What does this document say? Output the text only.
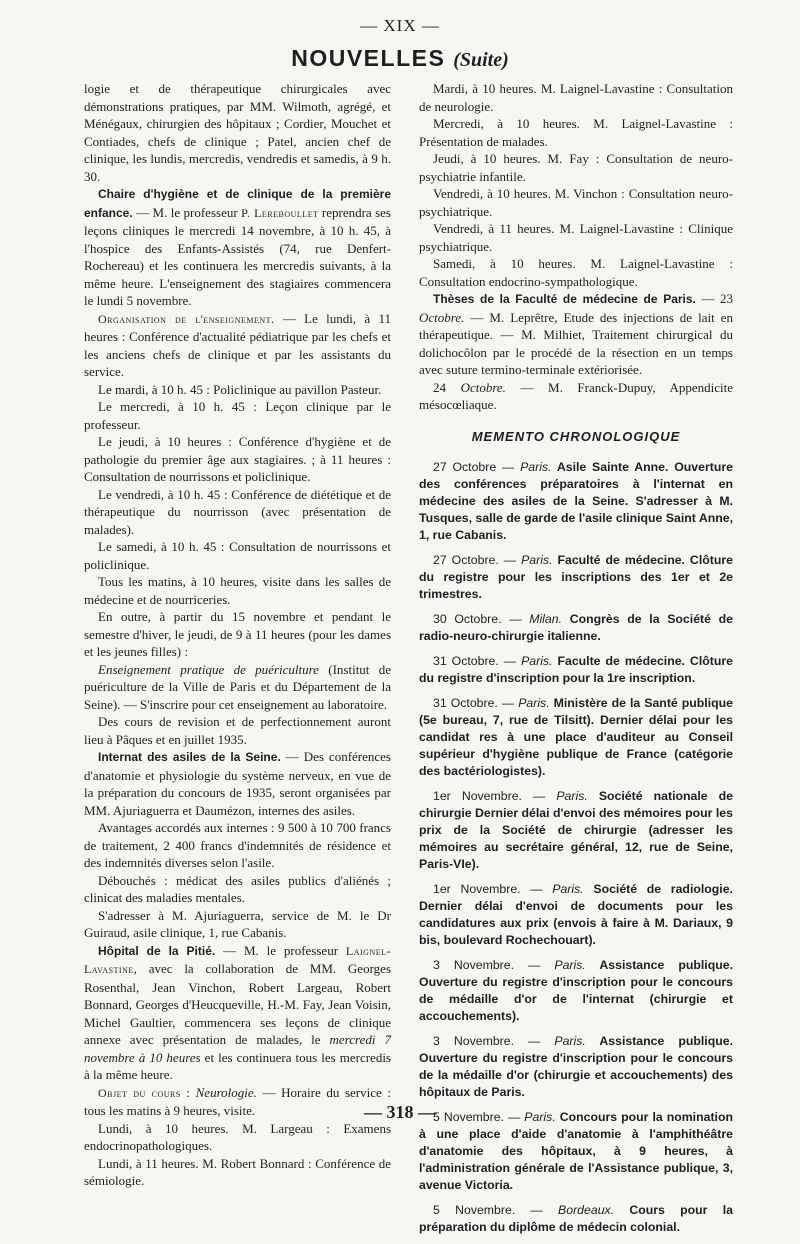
— XIX —
NOUVELLES (Suite)

logie et de thérapeutique chirurgicales avec démonstrations pratiques, par MM. Wilmoth, agrégé, et Ménégaux, chirurgien des hôpitaux ; Cordier, Mouchet et Contiades, chefs de clinique ; Patel, ancien chef de clinique, les lundis, mercredis, vendredis et samedis, à 9 h. 30.

Chaire d'hygiène et de clinique de la première enfance. — M. le professeur P. Lereboullet reprendra ses leçons cliniques le mercredi 14 novembre, à 10 h. 45, à l'hospice des Enfants-Assistés (74, rue Denfert-Rochereau) et les continuera les mercredis suivants, à la même heure. L'enseignement des stagiaires commencera le lundi 5 novembre.

Organisation de l'enseignement. — Le lundi, à 11 heures : Conférence d'actualité pédiatrique par les chefs et les anciens chefs de clinique et par les assistants du service.

Le mardi, à 10 h. 45 : Policlinique au pavillon Pasteur.

Le mercredi, à 10 h. 45 : Leçon clinique par le professeur.

Le jeudi, à 10 heures : Conférence d'hygiène et de pathologie du premier âge aux stagiaires. ; à 11 heures : Consultation de nourrissons et policlinique.

Le vendredi, à 10 h. 45 : Conférence de diététique et de thérapeutique du nourrisson (avec présentation de malades).

Le samedi, à 10 h. 45 : Consultation de nourrissons et policlinique.

Tous les matins, à 10 heures, visite dans les salles de médecine et de nourriceries.

En outre, à partir du 15 novembre et pendant le semestre d'hiver, le jeudi, de 9 à 11 heures (pour les dames et les jeunes filles) :

Enseignement pratique de puériculture (Institut de puériculture de la Ville de Paris et du Département de la Seine). — S'inscrire pour cet enseignement au laboratoire.

Des cours de revision et de perfectionnement auront lieu à Pâques et en juillet 1935.

Internat des asiles de la Seine. — Des conférences d'anatomie et physiologie du système nerveux, en vue de la préparation du concours de 1935, seront organisées par MM. Ajuriaguerra et Daumézon, internes des asiles.

Avantages accordés aux internes : 9 500 à 10 700 francs de traitement, 2 400 francs d'indemnités de résidence et des indemnités diverses selon l'asile.

Débouchés : médicat des asiles publics d'aliénés ; clinicat des maladies mentales.

S'adresser à M. Ajuriaguerra, service de M. le Dr Guiraud, asile clinique, 1, rue Cabanis.

Hôpital de la Pitié. — M. le professeur Laignel-Lavastine, avec la collaboration de MM. Georges Rosenthal, Jean Vinchon, Robert Largeau, Robert Bonnard, Georges d'Heucqueville, H.-M. Fay, Jean Voisin, Michel Gaultier, commencera ses leçons de clinique annexe avec présentation de malades, le mercredi 7 novembre à 10 heures et les continuera tous les mercredis à la même heure.

Objet du cours : Neurologie. — Horaire du service : tous les matins à 9 heures, visite.

Lundi, à 10 heures. M. Largeau : Examens endocrinopathologiques.

Lundi, à 11 heures. M. Robert Bonnard : Conférence de sémiologie.

Mardi, à 10 heures. M. Laignel-Lavastine : Consultation de neurologie.

Mercredi, à 10 heures. M. Laignel-Lavastine : Présentation de malades.

Jeudi, à 10 heures. M. Fay : Consultation de neuro-psychiatrie infantile.

Vendredi, à 10 heures. M. Vinchon : Consultation neuro-psychiatrique.

Vendredi, à 11 heures. M. Laignel-Lavastine : Clinique psychiatrique.

Samedi, à 10 heures. M. Laignel-Lavastine : Consultation endocrino-sympathologique.

Thèses de la Faculté de médecine de Paris. — 23 Octobre. — M. Leprêtre, Etude des injections de lait en thérapeutique. — M. Milhiet, Traitement chirurgical du dolichocôlon par le procédé de la résection en un temps avec suture termino-terminale extériorisée.

24 Octobre. — M. Franck-Dupuy, Appendicite mésocœliaque.

MEMENTO CHRONOLOGIQUE

27 Octobre — Paris. Asile Sainte Anne. Ouverture des conférences préparatoires à l'internat en médecine des asiles de la Seine. S'adresser à M. Tusques, salle de garde de l'asile clinique Saint Anne, 1, rue Cabanis.

27 Octobre. — Paris. Faculté de médecine. Clôture du registre pour les inscriptions des 1er et 2e trimestres.

30 Octobre. — Milan. Congrès de la Société de radio-neuro-chirurgie italienne.

31 Octobre. — Paris. Faculte de médecine. Clôture du registre d'inscription pour la 1re inscription.

31 Octobre. — Paris. Ministère de la Santé publique (5e bureau, 7, rue de Tilsitt). Dernier délai pour les candidat res à une place d'auditeur au Conseil supérieur d'hygiène publique de France (catégorie des bactériologistes).

1er Novembre. — Paris. Société nationale de chirurgie Dernier délai d'envoi des mémoires pour les prix de la Société de chirurgie (adresser les mémoires au secrétaire général, 12, rue de Seine, Paris-VIe).

1er Novembre. — Paris. Société de radiologie. Dernier délai d'envoi de documents pour les candidatures aux prix (envois à faire à M. Dariaux, 9 bis, boulevard Rochechouart).

3 Novembre. — Paris. Assistance publique. Ouverture du registre d'inscription pour le concours de médaille d'or de l'internat (chirurgie et accouchements).

3 Novembre. — Paris. Assistance publique. Ouverture du registre d'inscription pour le concours de la médaille d'or (chirurgie et accouchements) des hôpitaux de Paris.

5 Novembre. — Paris. Concours pour la nomination à une place d'aide d'anatomie à l'amphithéâtre d'anatomie des hôpitaux, à 9 heures, à l'administration générale de l'Assistance publique, 3, avenue Victoria.

5 Novembre. — Bordeaux. Cours pour la préparation du diplôme de médecin colonial.

— 318 —
